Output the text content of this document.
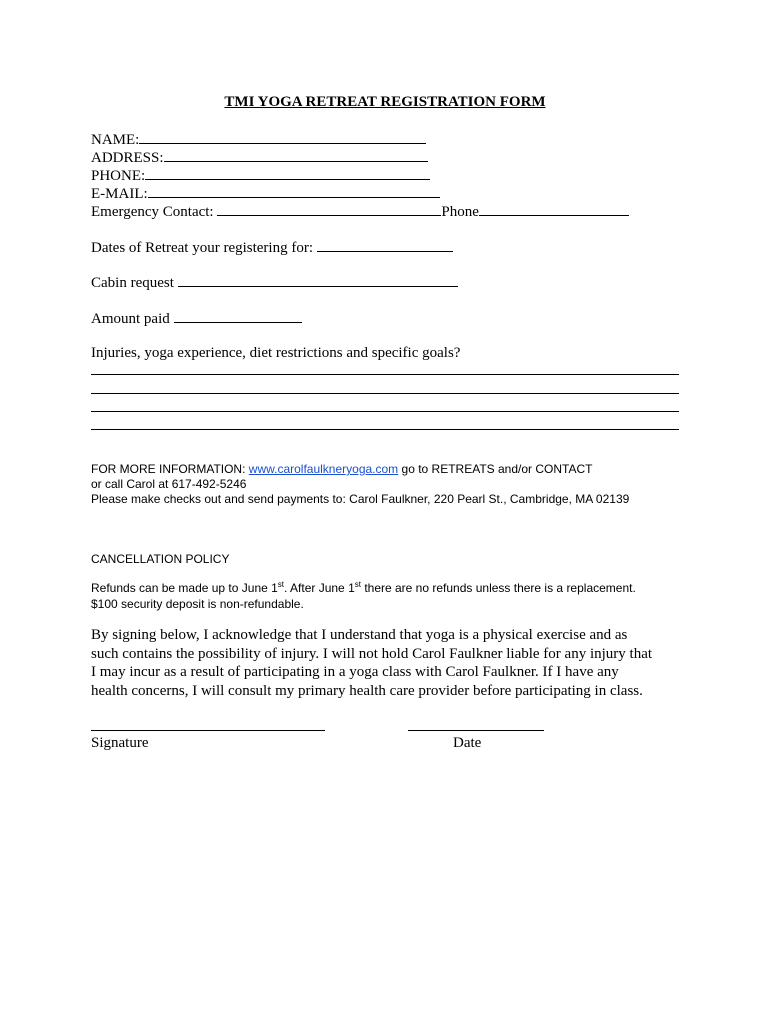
TMI YOGA RETREAT REGISTRATION FORM
NAME:
ADDRESS:
PHONE:
E-MAIL:
Emergency Contact:	Phone
Dates of Retreat your registering for:
Cabin request
Amount paid
Injuries, yoga experience, diet restrictions and specific goals?
FOR MORE INFORMATION: www.carolfaulkneryoga.com go to RETREATS and/or CONTACT
or call Carol at 617-492-5246
Please make checks out and send payments to: Carol Faulkner, 220 Pearl St., Cambridge, MA 02139
CANCELLATION POLICY
Refunds can be made up to June 1st. After June 1st there are no refunds unless there is a replacement.
$100 security deposit is non-refundable.
By signing below, I acknowledge that I understand that yoga is a physical exercise and as such contains the possibility of injury. I will not hold Carol Faulkner liable for any injury that I may incur as a result of participating in a yoga class with Carol Faulkner. If I have any health concerns, I will consult my primary health care provider before participating in class.
Signature	Date
